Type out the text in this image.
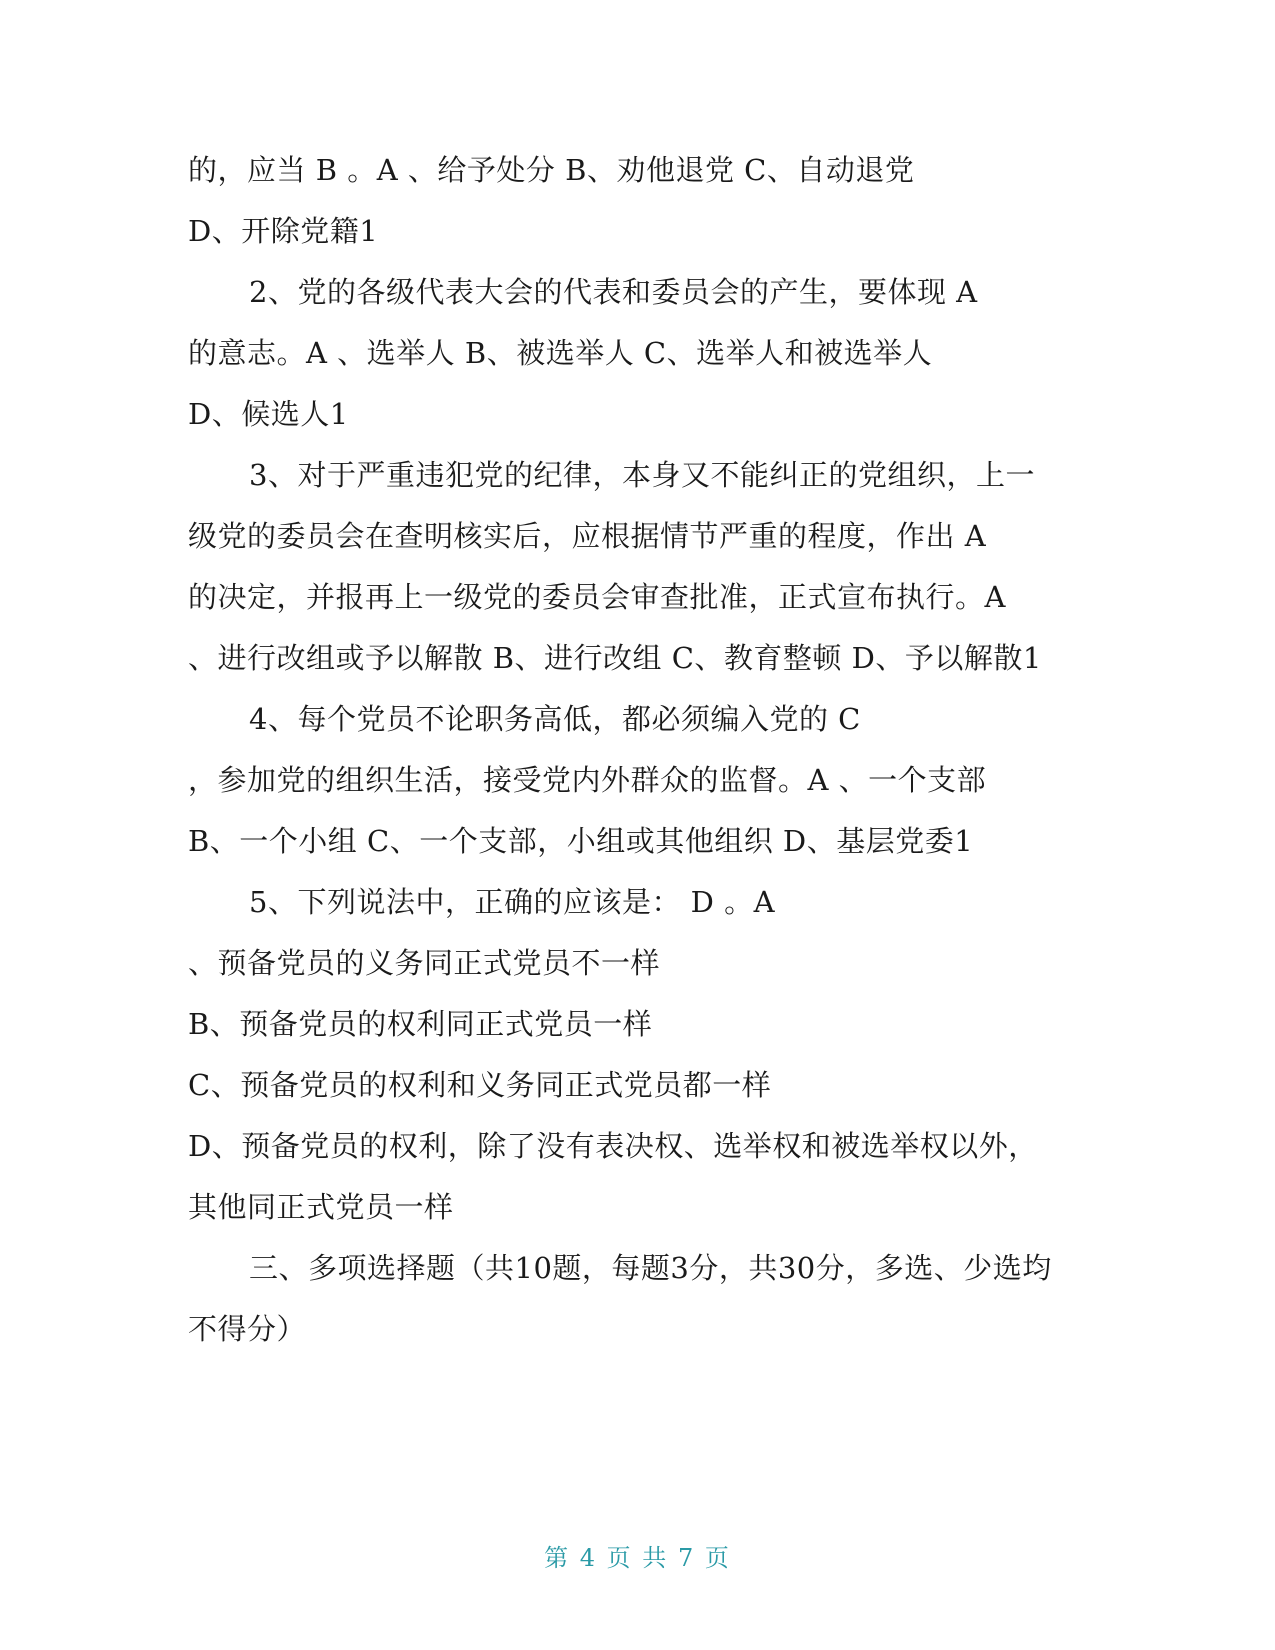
的，应当 B 。A 、给予处分 B、劝他退党 C、自动退党
D、开除党籍1
2、党的各级代表大会的代表和委员会的产生，要体现 A
的意志。A 、选举人 B、被选举人 C、选举人和被选举人
D、候选人1
3、对于严重违犯党的纪律，本身又不能纠正的党组织，上一
级党的委员会在查明核实后，应根据情节严重的程度，作出 A
的决定，并报再上一级党的委员会审查批准，正式宣布执行。A
、进行改组或予以解散 B、进行改组 C、教育整顿 D、予以解散1
4、每个党员不论职务高低，都必须编入党的 C
，参加党的组织生活，接受党内外群众的监督。A 、一个支部
B、一个小组 C、一个支部，小组或其他组织 D、基层党委1
5、下列说法中，正确的应该是： D 。A
、预备党员的义务同正式党员不一样
B、预备党员的权利同正式党员一样
C、预备党员的权利和义务同正式党员都一样
D、预备党员的权利，除了没有表决权、选举权和被选举权以外，
其他同正式党员一样
三、多项选择题（共10题，每题3分，共30分，多选、少选均
不得分）
第 4 页 共 7 页
